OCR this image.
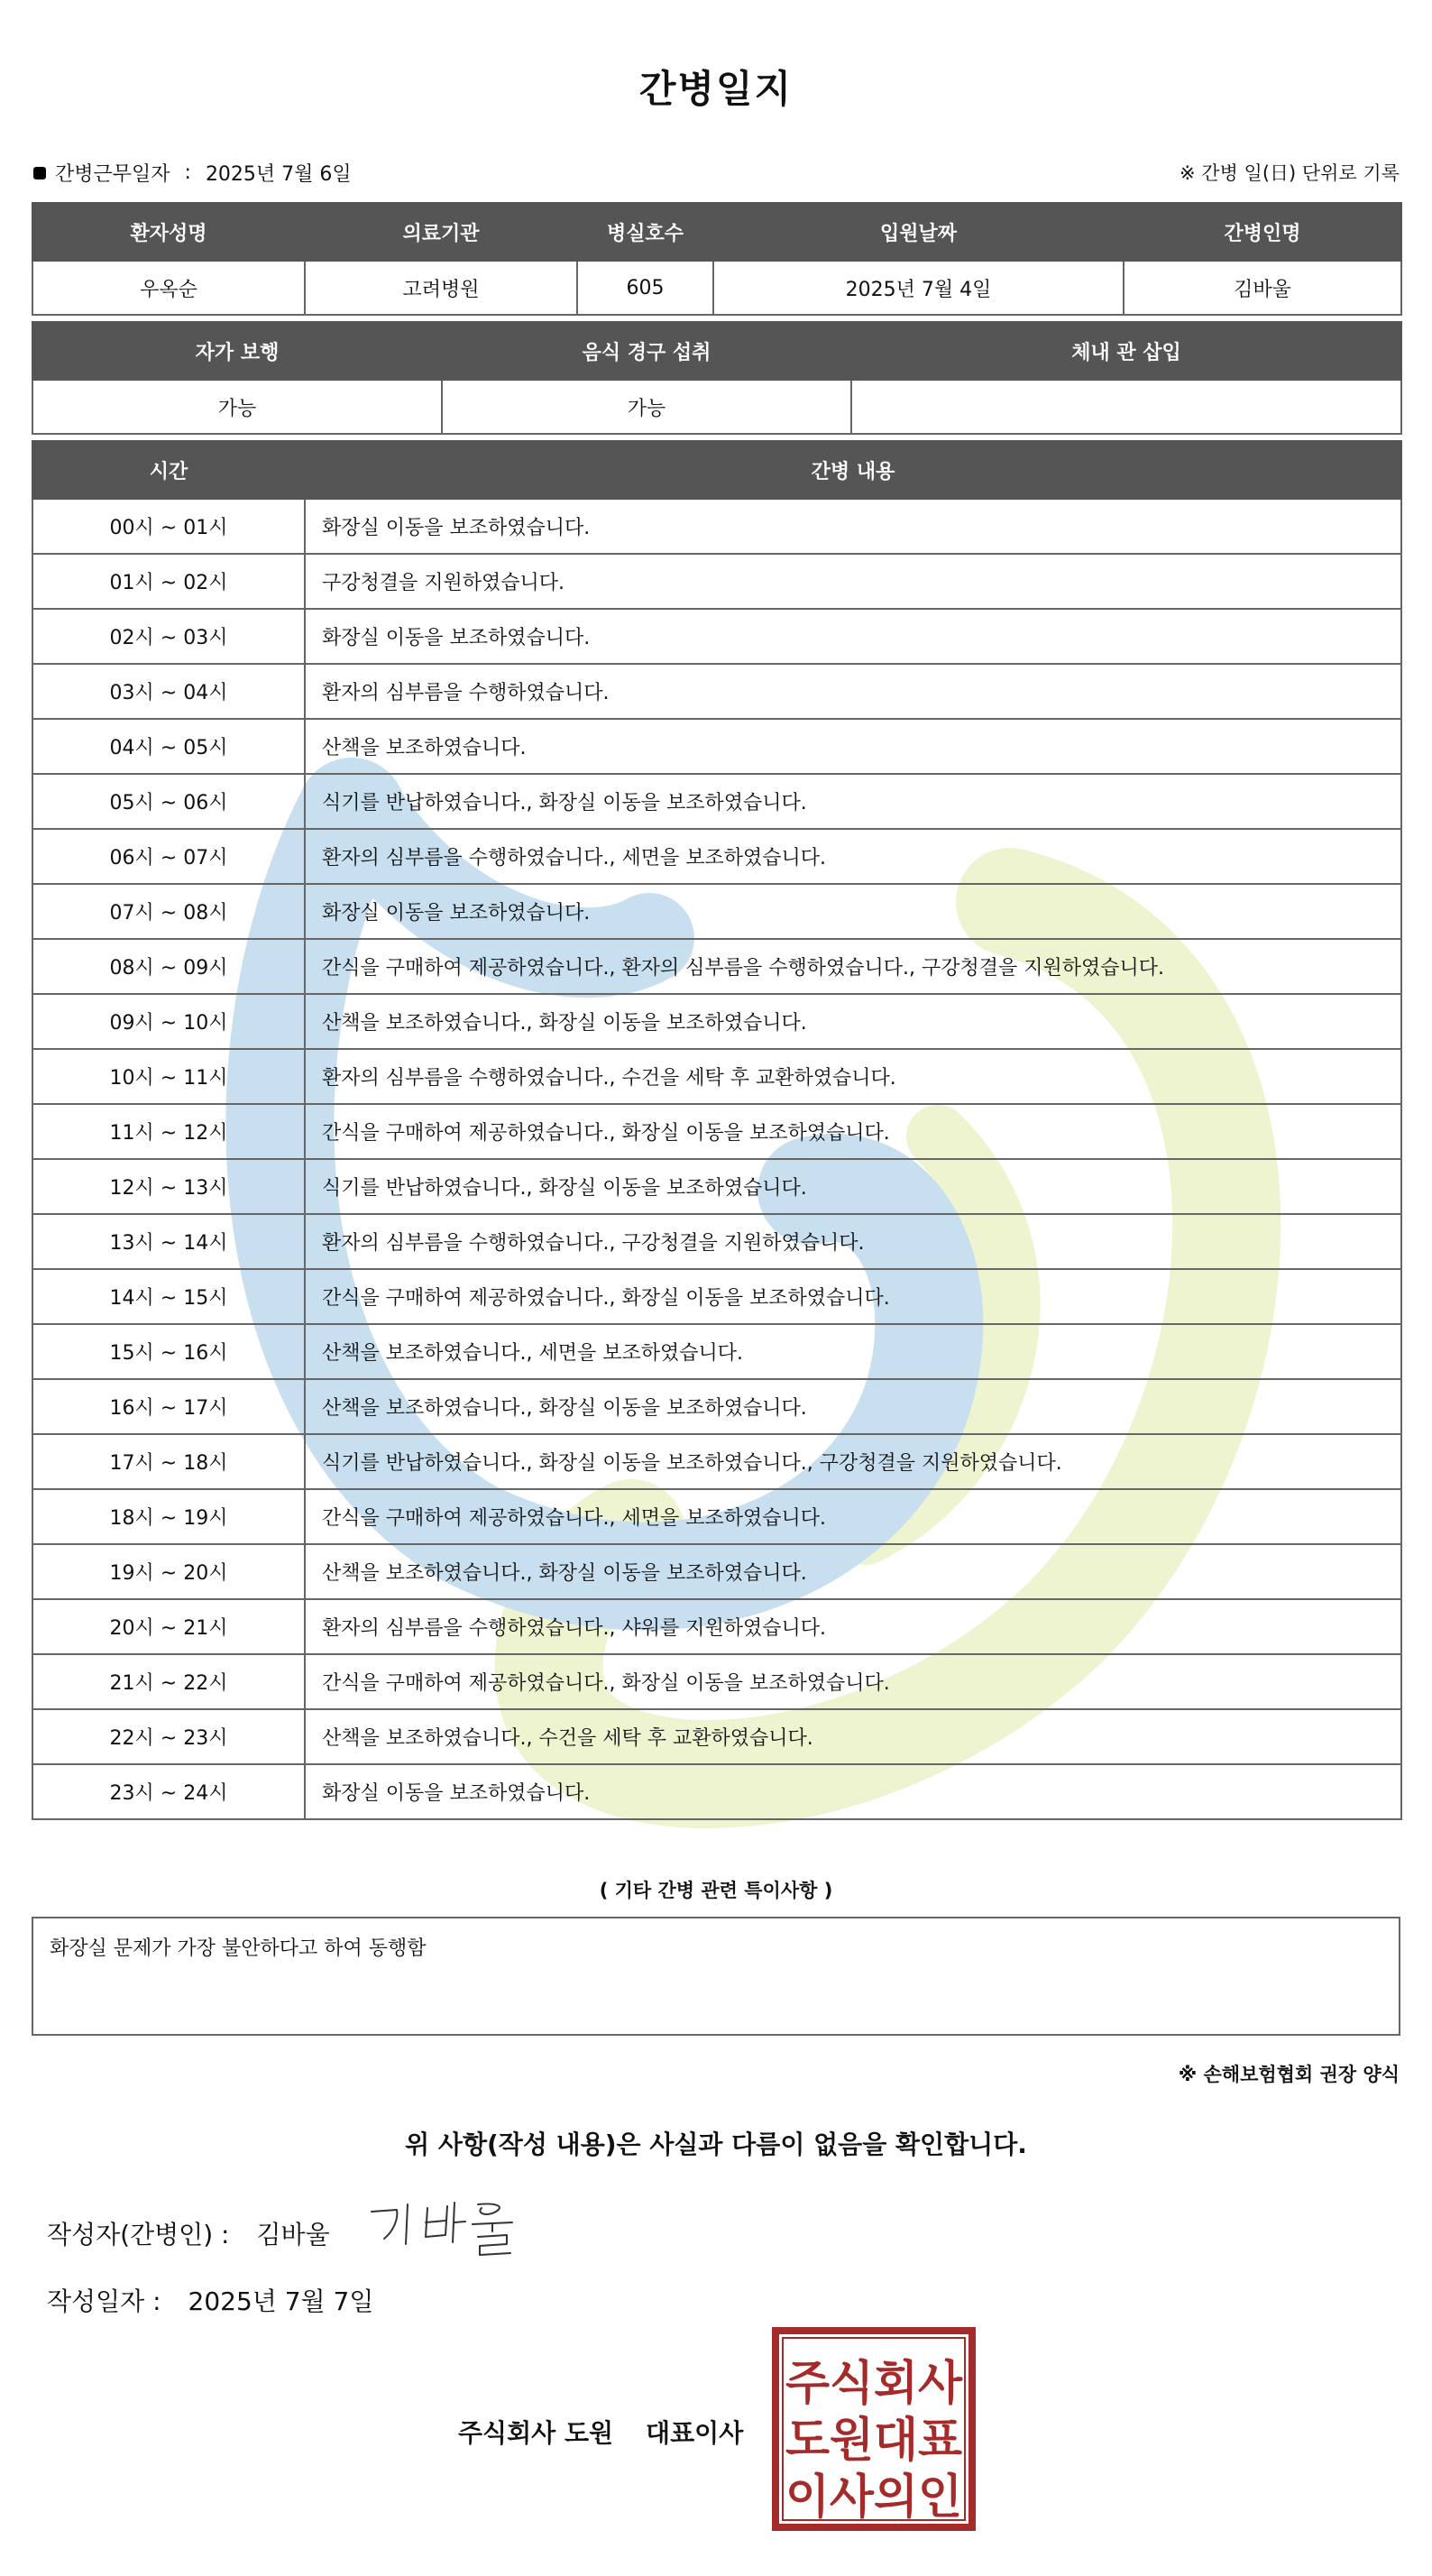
간병일지
간병근무일자 : 2025년 7월 6일	※ 간병 일(日) 단위로 기록
환자성명	의료기관	병실호수	입원날짜	간병인명
우옥순	고려병원	605	2025년 7월 4일	김바울
자가 보행	음식 경구 섭취	체내 관 삽입
가능	가능	
시간	간병 내용
00시 ~ 01시	화장실 이동을 보조하였습니다.
01시 ~ 02시	구강청결을 지원하였습니다.
02시 ~ 03시	화장실 이동을 보조하였습니다.
03시 ~ 04시	환자의 심부름을 수행하였습니다.
04시 ~ 05시	산책을 보조하였습니다.
05시 ~ 06시	식기를 반납하였습니다., 화장실 이동을 보조하였습니다.
06시 ~ 07시	환자의 심부름을 수행하였습니다., 세면을 보조하였습니다.
07시 ~ 08시	화장실 이동을 보조하였습니다.
08시 ~ 09시	간식을 구매하여 제공하였습니다., 환자의 심부름을 수행하였습니다., 구강청결을 지원하였습니다.
09시 ~ 10시	산책을 보조하였습니다., 화장실 이동을 보조하였습니다.
10시 ~ 11시	환자의 심부름을 수행하였습니다., 수건을 세탁 후 교환하였습니다.
11시 ~ 12시	간식을 구매하여 제공하였습니다., 화장실 이동을 보조하였습니다.
12시 ~ 13시	식기를 반납하였습니다., 화장실 이동을 보조하였습니다.
13시 ~ 14시	환자의 심부름을 수행하였습니다., 구강청결을 지원하였습니다.
14시 ~ 15시	간식을 구매하여 제공하였습니다., 화장실 이동을 보조하였습니다.
15시 ~ 16시	산책을 보조하였습니다., 세면을 보조하였습니다.
16시 ~ 17시	산책을 보조하였습니다., 화장실 이동을 보조하였습니다.
17시 ~ 18시	식기를 반납하였습니다., 화장실 이동을 보조하였습니다., 구강청결을 지원하였습니다.
18시 ~ 19시	간식을 구매하여 제공하였습니다., 세면을 보조하였습니다.
19시 ~ 20시	산책을 보조하였습니다., 화장실 이동을 보조하였습니다.
20시 ~ 21시	환자의 심부름을 수행하였습니다., 샤워를 지원하였습니다.
21시 ~ 22시	간식을 구매하여 제공하였습니다., 화장실 이동을 보조하였습니다.
22시 ~ 23시	산책을 보조하였습니다., 수건을 세탁 후 교환하였습니다.
23시 ~ 24시	화장실 이동을 보조하였습니다.
( 기타 간병 관련 특이사항 )
화장실 문제가 가장 불안하다고 하여 동행함
※ 손해보험협회 권장 양식
위 사항(작성 내용)은 사실과 다름이 없음을 확인합니다.
작성자(간병인) : 김바울
작성일자 : 2025년 7월 7일
주식회사 도원 대표이사
주식회사
도원대표
이사의인
